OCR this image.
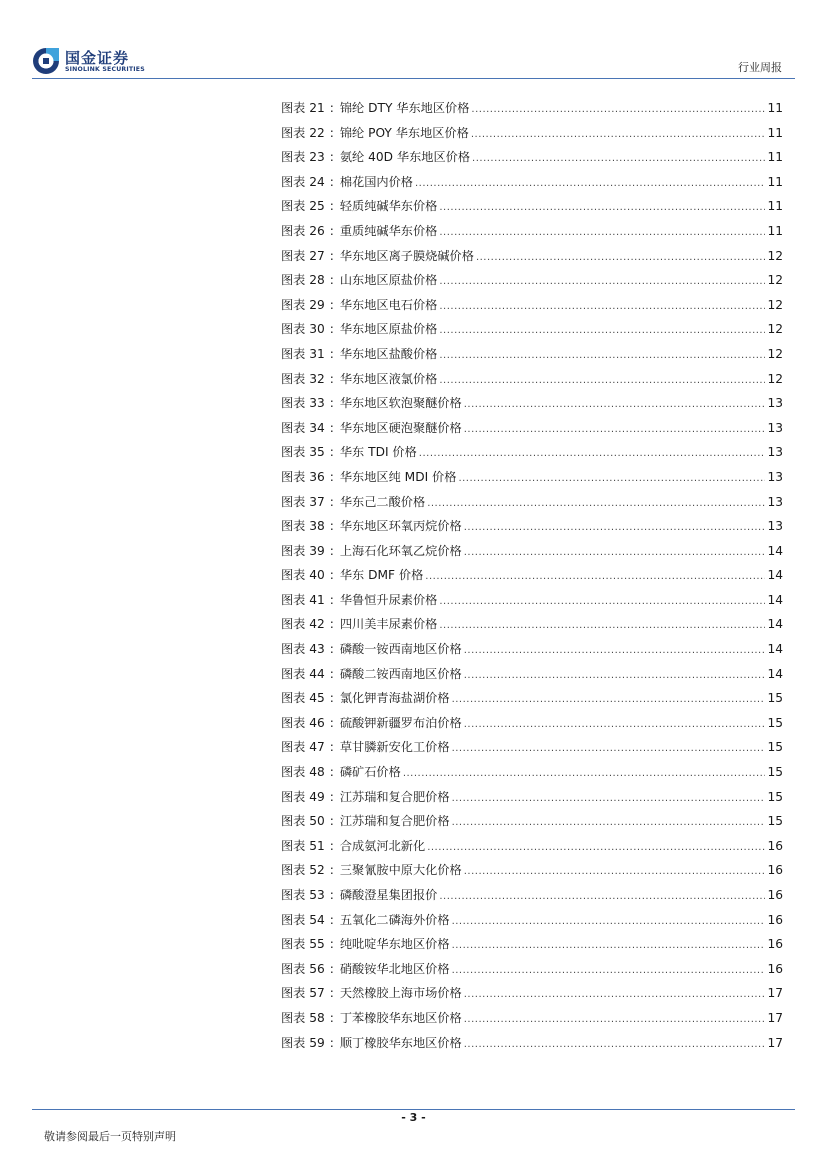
国金证券
SINOLINK SECURITIES	行业周报
图表 21 : 锦纶 DTY 华东地区价格 .....	11
图表 22 : 锦纶 POY 华东地区价格 .....	11
图表 23 : 氨纶 40D 华东地区价格 .....	11
图表 24 : 棉花国内价格 .....	11
图表 25 : 轻质纯碱华东价格 .....	11
图表 26 : 重质纯碱华东价格 .....	11
图表 27 : 华东地区离子膜烧碱价格 .....	12
图表 28 : 山东地区原盐价格 .....	12
图表 29 : 华东地区电石价格 .....	12
图表 30 : 华东地区原盐价格 .....	12
图表 31 : 华东地区盐酸价格 .....	12
图表 32 : 华东地区液氯价格 .....	12
图表 33 : 华东地区软泡聚醚价格 .....	13
图表 34 : 华东地区硬泡聚醚价格 .....	13
图表 35 : 华东 TDI 价格 .....	13
图表 36 : 华东地区纯 MDI 价格 .....	13
图表 37 : 华东己二酸价格 .....	13
图表 38 : 华东地区环氧丙烷价格 .....	13
图表 39 : 上海石化环氧乙烷价格 .....	14
图表 40 : 华东 DMF 价格 .....	14
图表 41 : 华鲁恒升尿素价格 .....	14
图表 42 : 四川美丰尿素价格 .....	14
图表 43 : 磷酸一铵西南地区价格 .....	14
图表 44 : 磷酸二铵西南地区价格 .....	14
图表 45 : 氯化钾青海盐湖价格 .....	15
图表 46 : 硫酸钾新疆罗布泊价格 .....	15
图表 47 : 草甘膦新安化工价格 .....	15
图表 48 : 磷矿石价格 .....	15
图表 49 : 江苏瑞和复合肥价格 .....	15
图表 50 : 江苏瑞和复合肥价格 .....	15
图表 51 : 合成氨河北新化 .....	16
图表 52 : 三聚氰胺中原大化价格 .....	16
图表 53 : 磷酸澄星集团报价 .....	16
图表 54 : 五氧化二磷海外价格 .....	16
图表 55 : 纯吡啶华东地区价格 .....	16
图表 56 : 硝酸铵华北地区价格 .....	16
图表 57 : 天然橡胶上海市场价格 .....	17
图表 58 : 丁苯橡胶华东地区价格 .....	17
图表 59 : 顺丁橡胶华东地区价格 .....	17
- 3 -
敬请参阅最后一页特别声明
